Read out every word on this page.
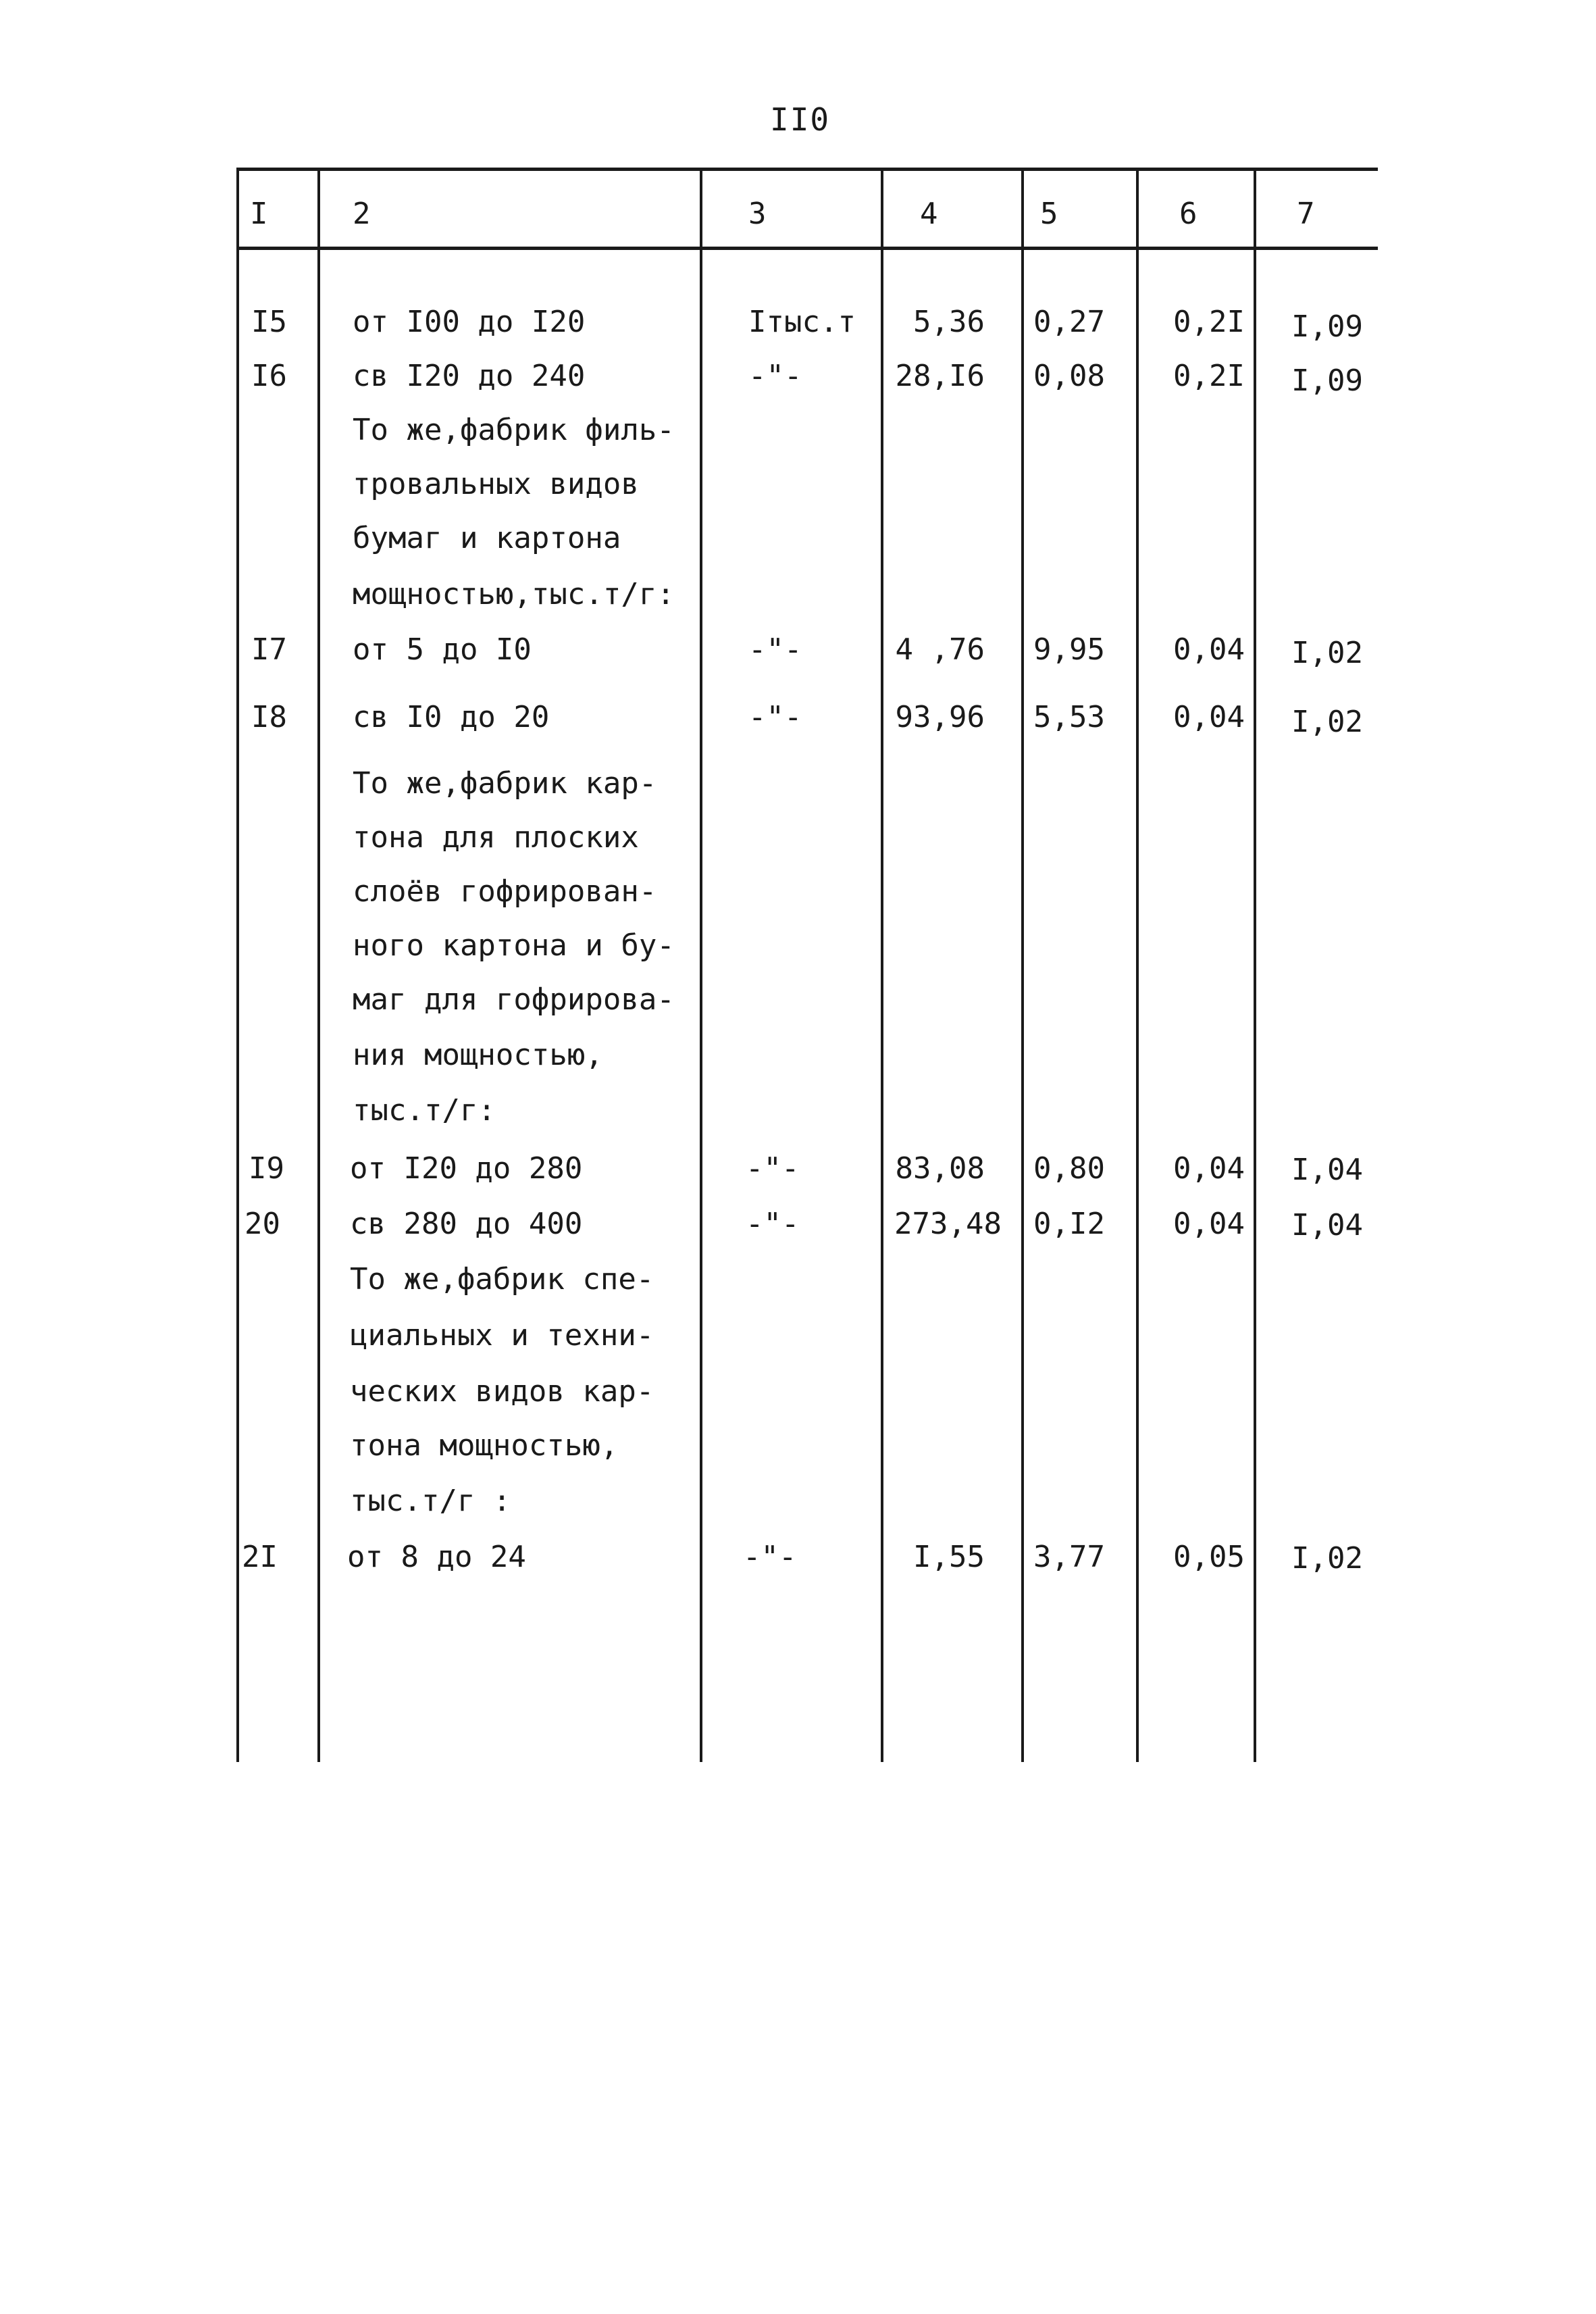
II0
I	2	3	4	5	6	7
I5 от I00 до I20	Iтыс.т 5,36 0,27 0,2I I,09
I6 св I20 до 240	-"-	28,I6 0,08 0,2I I,09
То же,фабрик филь-
тровальных видов
бумаг и картона
мощностью,тыс.т/г:
I7 от 5 до I0	-"-	4 ,76 9,95 0,04 I,02
I8 св I0 до 20	-"-	93,96 5,53 0,04 I,02
То же,фабрик кар-
тона для плоских
слоёв гофрирован-
ного картона и бу-
маг для гофрирова-
ния мощностью,
тыс.т/г:
I9 от I20 до 280	-"-	83,08 0,80 0,04 I,04
20 св 280 до 400	-"-	273,48 0,I2 0,04 I,04
То же,фабрик спе-
циальных и техни-
ческих видов кар-
тона мощностью,
тыс.т/г :
2I от 8 до 24	-"-	I,55 3,77 0,05 I,02
